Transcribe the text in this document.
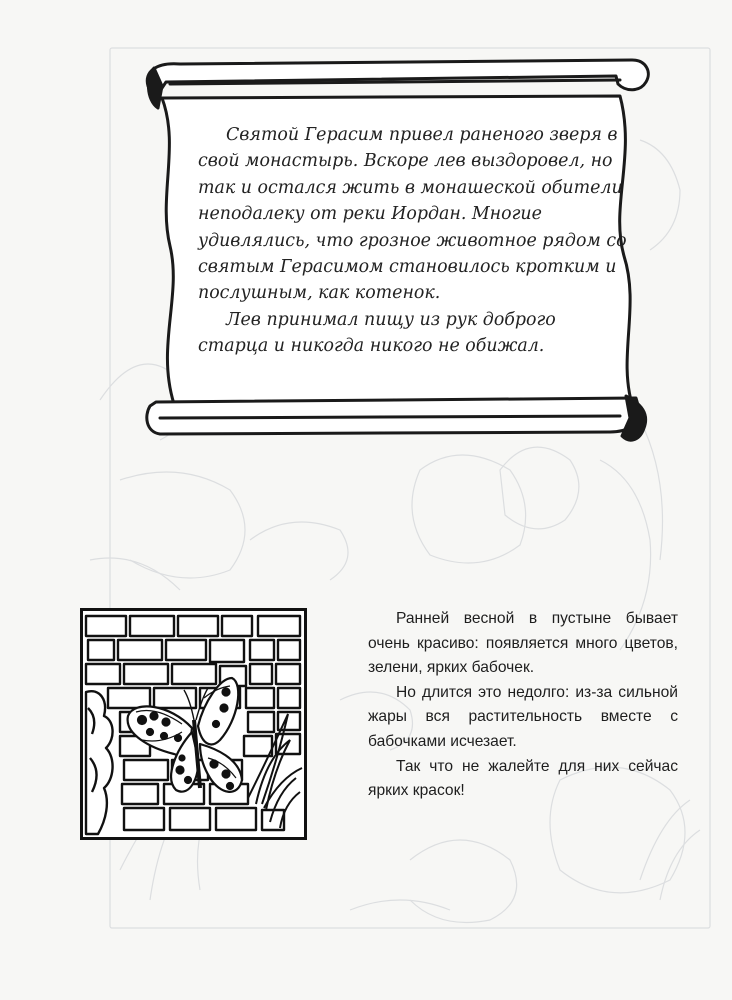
Святой Герасим привел раненого зверя в свой монастырь. Вскоре лев выздоровел, но так и остался жить в монашеской обители неподалеку от реки Иордан. Многие удивлялись, что грозное животное рядом со святым Герасимом становилось кротким и послушным, как котенок.

Лев принимал пищу из рук доброго старца и никогда никого не обижал.

Ранней весной в пустыне бывает очень красиво: появляется много цветов, зелени, ярких бабочек.

Но длится это недолго: из-за сильной жары вся растительность вместе с бабочками исчезает.

Так что не жалейте для них сейчас ярких красок!
